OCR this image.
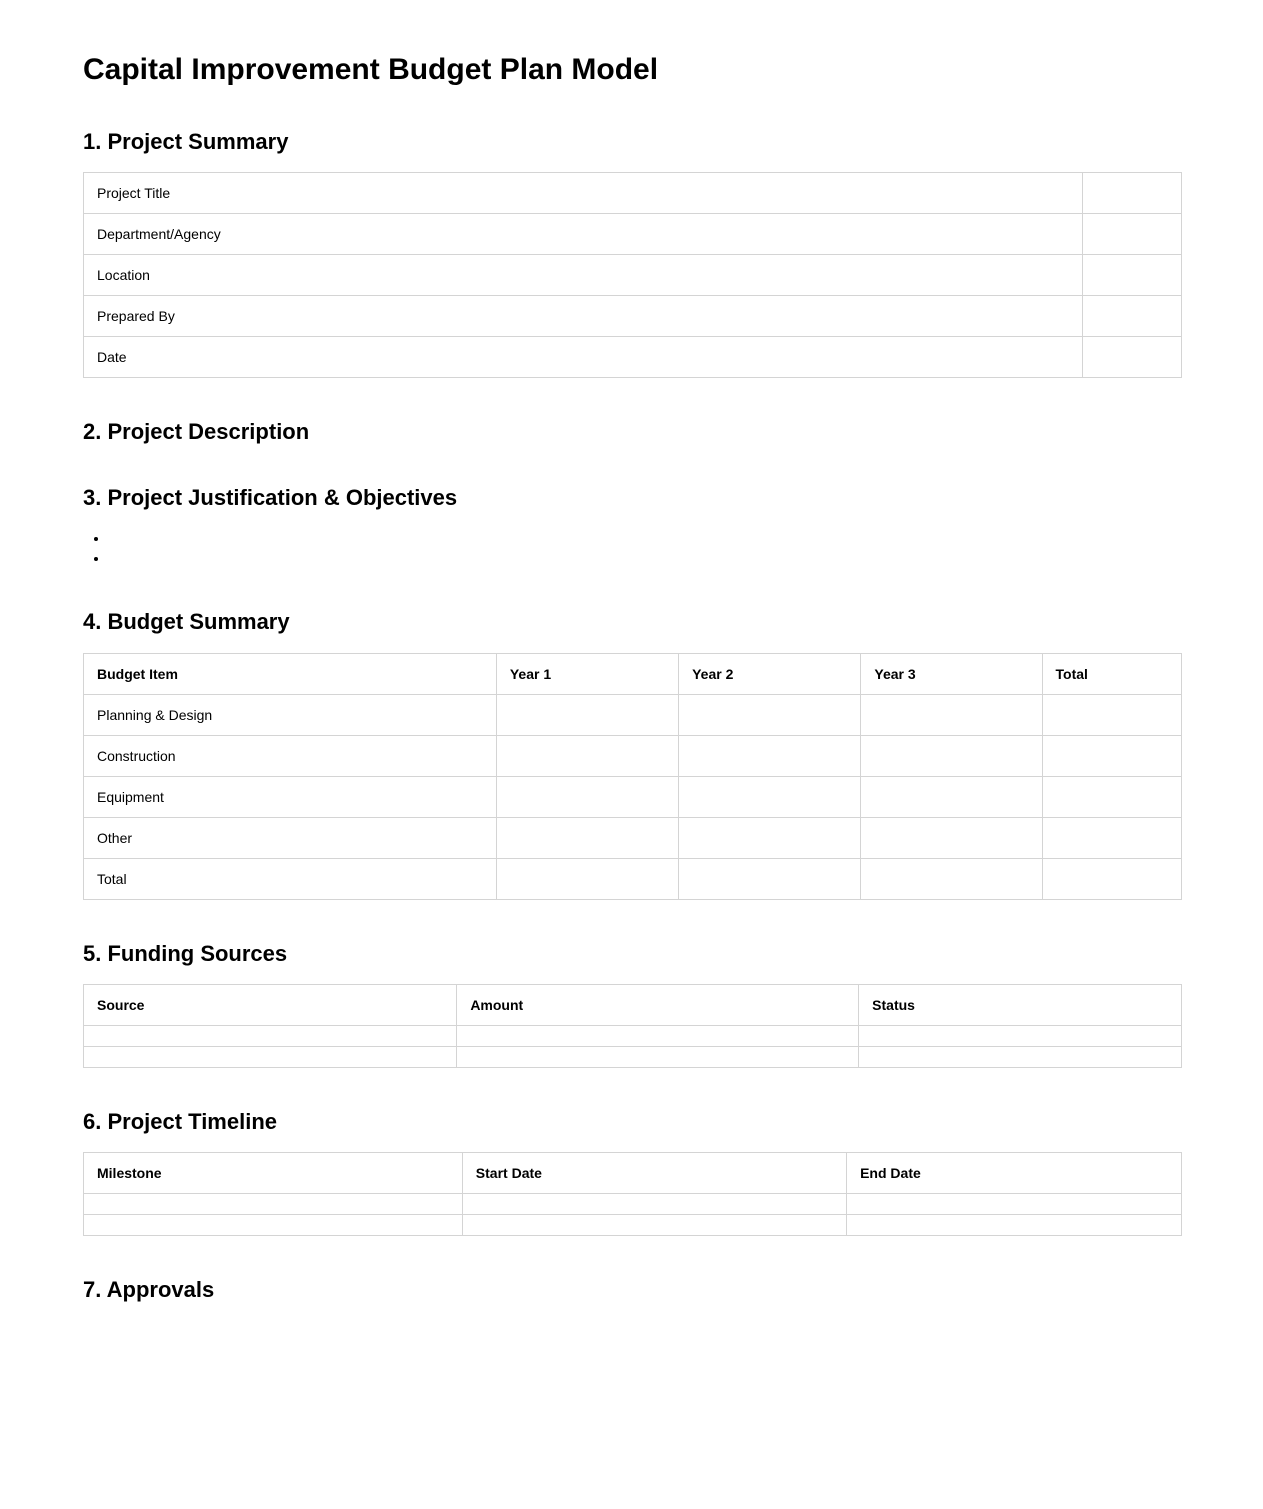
Capital Improvement Budget Plan Model
1. Project Summary
Project Title	
Department/Agency	
Location	
Prepared By	
Date	
2. Project Description
3. Project Justification & Objectives
•
•
4. Budget Summary
Budget Item	Year 1	Year 2	Year 3	Total
Planning & Design				
Construction				
Equipment				
Other				
Total				
5. Funding Sources
Source	Amount	Status

6. Project Timeline
Milestone	Start Date	End Date

7. Approvals
